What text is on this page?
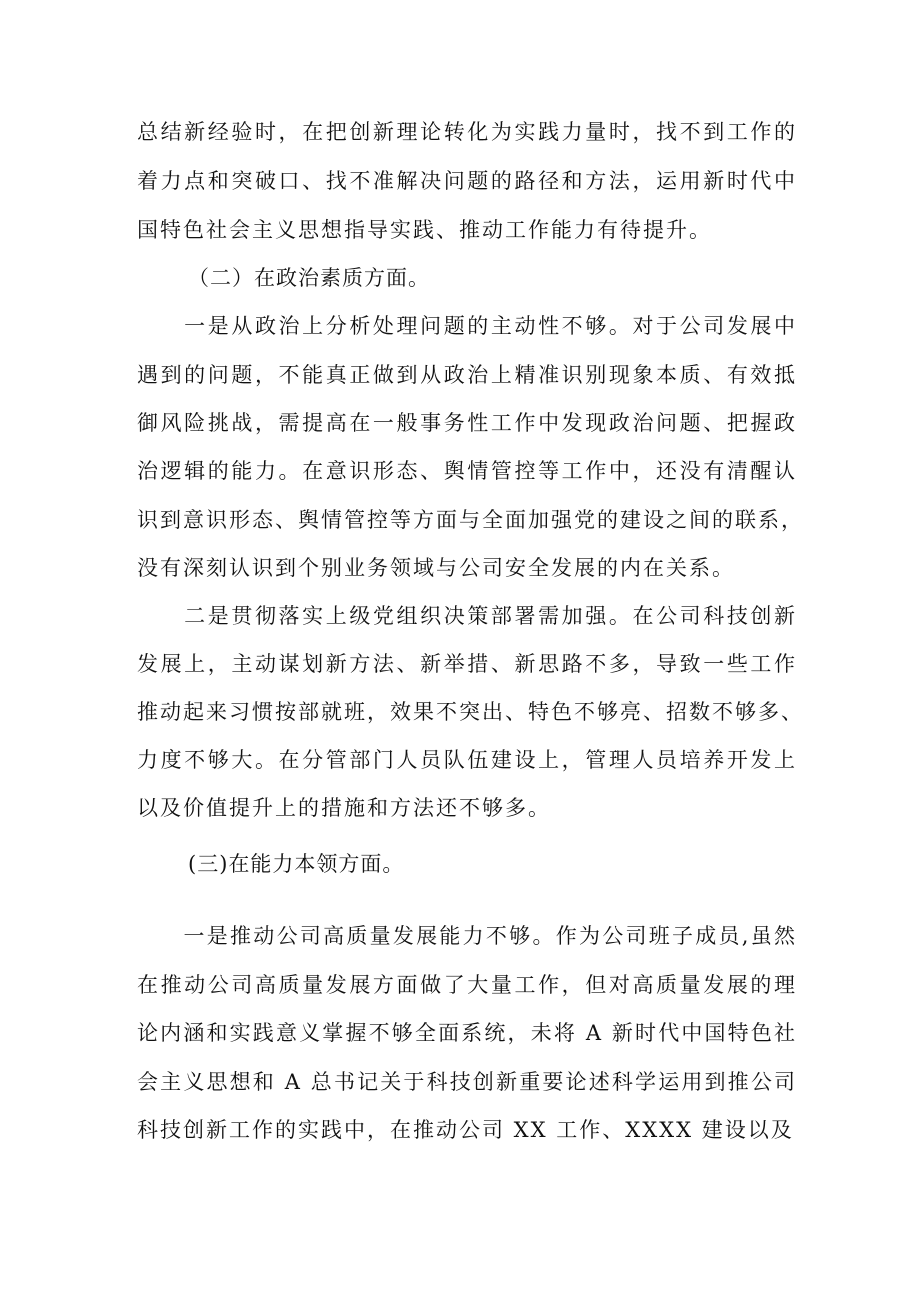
总结新经验时，在把创新理论转化为实践力量时，找不到工作的
着力点和突破口、找不准解决问题的路径和方法，运用新时代中
国特色社会主义思想指导实践、推动工作能力有待提升。
（二）在政治素质方面。
　　一是从政治上分析处理问题的主动性不够。对于公司发展中
遇到的问题，不能真正做到从政治上精准识别现象本质、有效抵
御风险挑战，需提高在一般事务性工作中发现政治问题、把握政
治逻辑的能力。在意识形态、舆情管控等工作中，还没有清醒认
识到意识形态、舆情管控等方面与全面加强党的建设之间的联系，
没有深刻认识到个别业务领域与公司安全发展的内在关系。
　　二是贯彻落实上级党组织决策部署需加强。在公司科技创新
发展上，主动谋划新方法、新举措、新思路不多，导致一些工作
推动起来习惯按部就班，效果不突出、特色不够亮、招数不够多、
力度不够大。在分管部门人员队伍建设上，管理人员培养开发上
以及价值提升上的措施和方法还不够多。
(三)在能力本领方面。
　　一是推动公司高质量发展能力不够。作为公司班子成员,虽然
在推动公司高质量发展方面做了大量工作，但对高质量发展的理
论内涵和实践意义掌握不够全面系统，未将 A 新时代中国特色社
会主义思想和 A 总书记关于科技创新重要论述科学运用到推公司
科技创新工作的实践中，在推动公司 XX 工作、XXXX 建设以及
